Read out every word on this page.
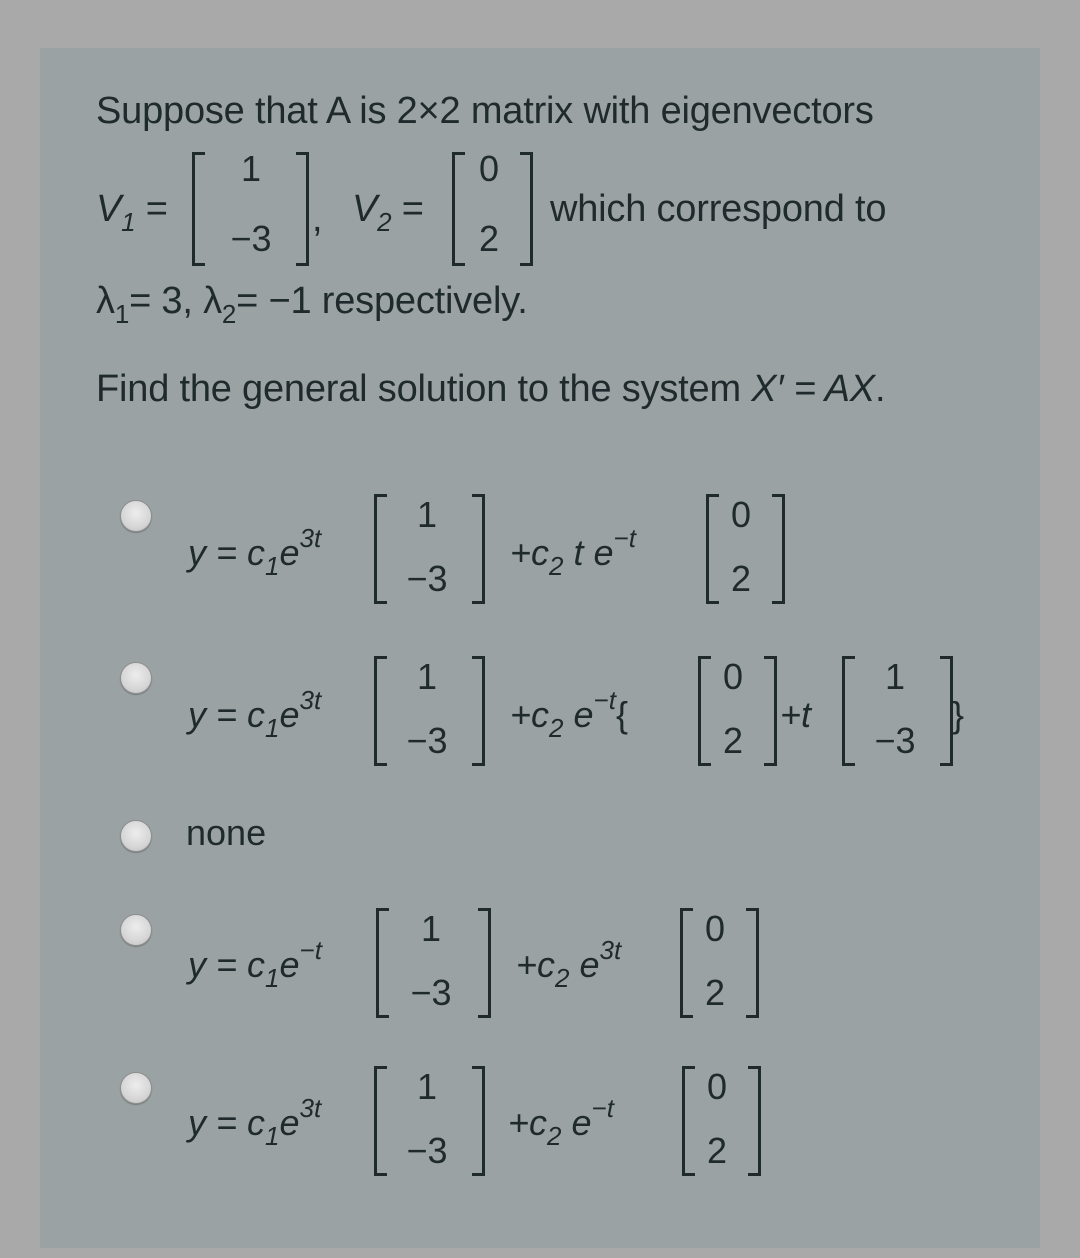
Suppose that A is 2×2 matrix with eigenvectors
$V_1$ =
1
−3	, $V_2$ =
0
2
which correspond to
$\lambda_1= 3$, $\lambda_2= -1$ respectively.
Find the general solution to the system X′ = AX.
$y = c_1e^{3t}$
1
−3
$+c_2$ t $e^{-t}$
0
2
$y = c_1e^{3t}$
1
−3
$+c_2$ $e^{-t}${
0
2
+t
1
−3
}
none
$y = c_1e^{-t}$
1
−3
$+c_2$ $e^{3t}$
0
2
$y = c_1e^{3t}$
1
−3
$+c_2$ $e^{-t}$
0
2
